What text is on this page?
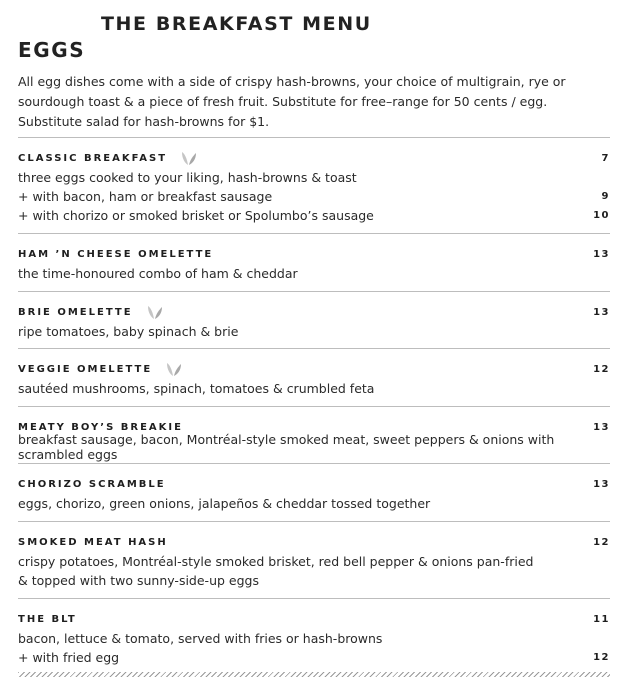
THE BREAKFAST MENU
EGGS

All egg dishes come with a side of crispy hash-browns, your choice of multigrain, rye or

sourdough toast & a piece of fresh fruit. Substitute for free–range for 50 cents / egg.

Substitute salad for hash-browns for $1.

CLASSIC BREAKFAST	7
three eggs cooked to your liking, hash-browns & toast
+ with bacon, ham or breakfast sausage	9
+ with chorizo or smoked brisket or Spolumbo’s sausage	10
HAM ’N CHEESE OMELETTE	13
the time-honoured combo of ham & cheddar
BRIE OMELETTE	13
ripe tomatoes, baby spinach & brie
VEGGIE OMELETTE	12
sautéed mushrooms, spinach, tomatoes & crumbled feta
MEATY BOY’S BREAKIE	13
breakfast sausage, bacon, Montréal-style smoked meat, sweet peppers & onions with scrambled eggs
CHORIZO SCRAMBLE	13
eggs, chorizo, green onions, jalapeños & cheddar tossed together
SMOKED MEAT HASH	12
crispy potatoes, Montréal-style smoked brisket, red bell pepper & onions pan-fried
& topped with two sunny-side-up eggs
THE BLT	11
bacon, lettuce & tomato, served with fries or hash-browns
+ with fried egg	12
